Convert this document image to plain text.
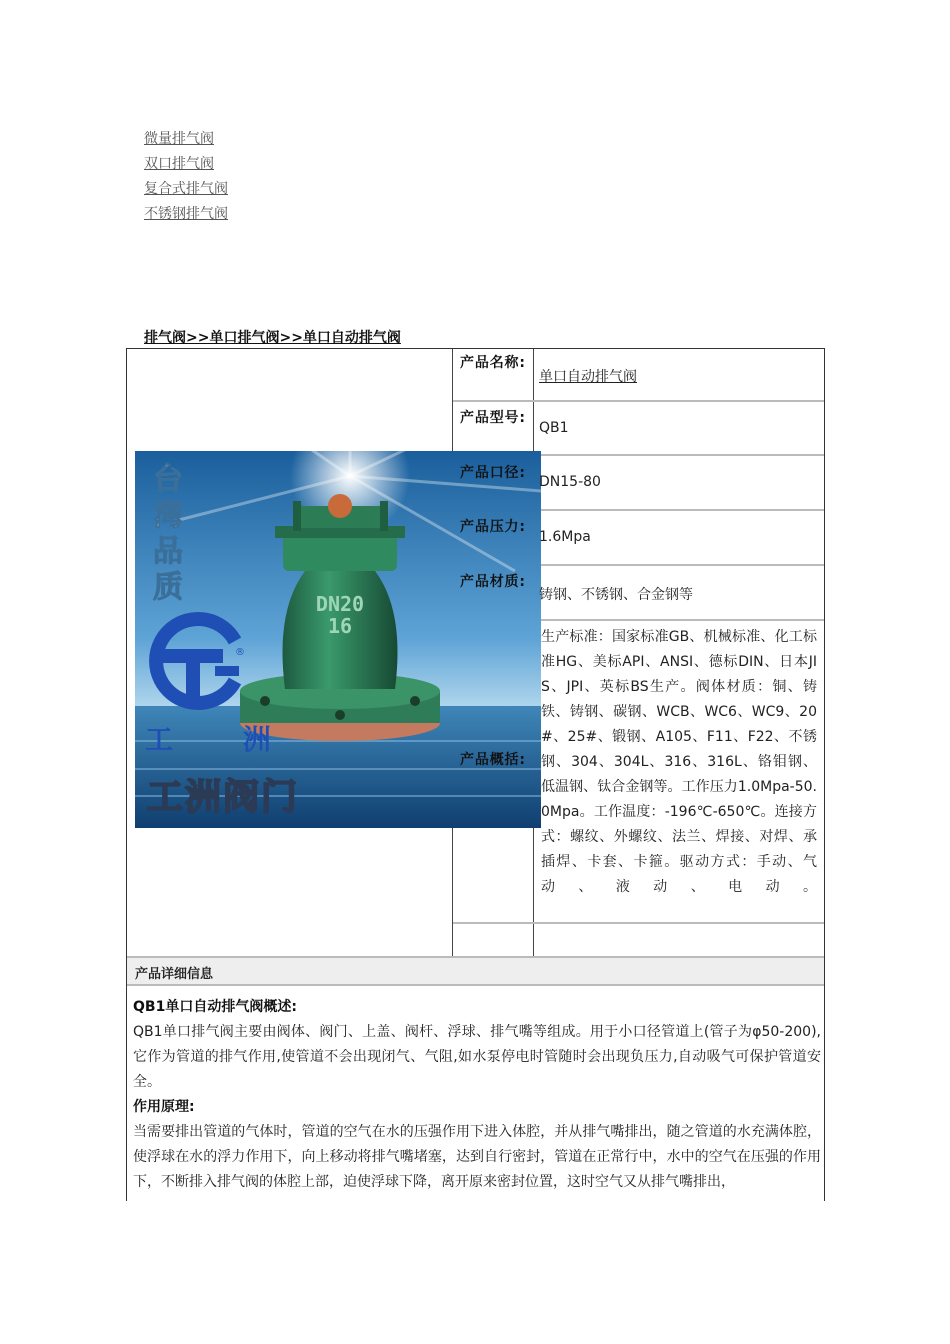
微量排气阀
双口排气阀
复合式排气阀
不锈钢排气阀
排气阀>>单口排气阀>>单口自动排气阀
产品名称:
单口自动排气阀
产品型号:
QB1
DN20
16
台湾品质
®
工 洲
工洲阀门
产品口径:
DN15-80
产品压力:
1.6Mpa
产品材质:
铸钢、不锈钢、合金钢等
产品概括:
生产标准：国家标准GB、机械标准、化工标准HG、美标API、ANSI、德标DIN、日本JIS、JPI、英标BS生产。阀体材质：铜、铸铁、铸钢、碳钢、WCB、WC6、WC9、20#、25#、锻钢、A105、F11、F22、不锈钢、304、304L、316、316L、铬钼钢、低温钢、钛合金钢等。工作压力1.0Mpa-50.0Mpa。工作温度：-196℃-650℃。连接方式：螺纹、外螺纹、法兰、焊接、对焊、承插焊、卡套、卡箍。驱动方式：手动、气动、液动、电动。
产品详细信息
QB1单口自动排气阀概述:
QB1单口排气阀主要由阀体、阀门、上盖、阀杆、浮球、排气嘴等组成。用于小口径管道上(管子为φ50-200),它作为管道的排气作用,使管道不会出现闭气、气阻,如水泵停电时管随时会出现负压力,自动吸气可保护管道安全。
作用原理:
当需要排出管道的气体时，管道的空气在水的压强作用下进入体腔，并从排气嘴排出，随之管道的水充满体腔，使浮球在水的浮力作用下，向上移动将排气嘴堵塞，达到自行密封，管道在正常行中，水中的空气在压强的作用下，不断排入排气阀的体腔上部，迫使浮球下降，离开原来密封位置，这时空气又从排气嘴排出，
